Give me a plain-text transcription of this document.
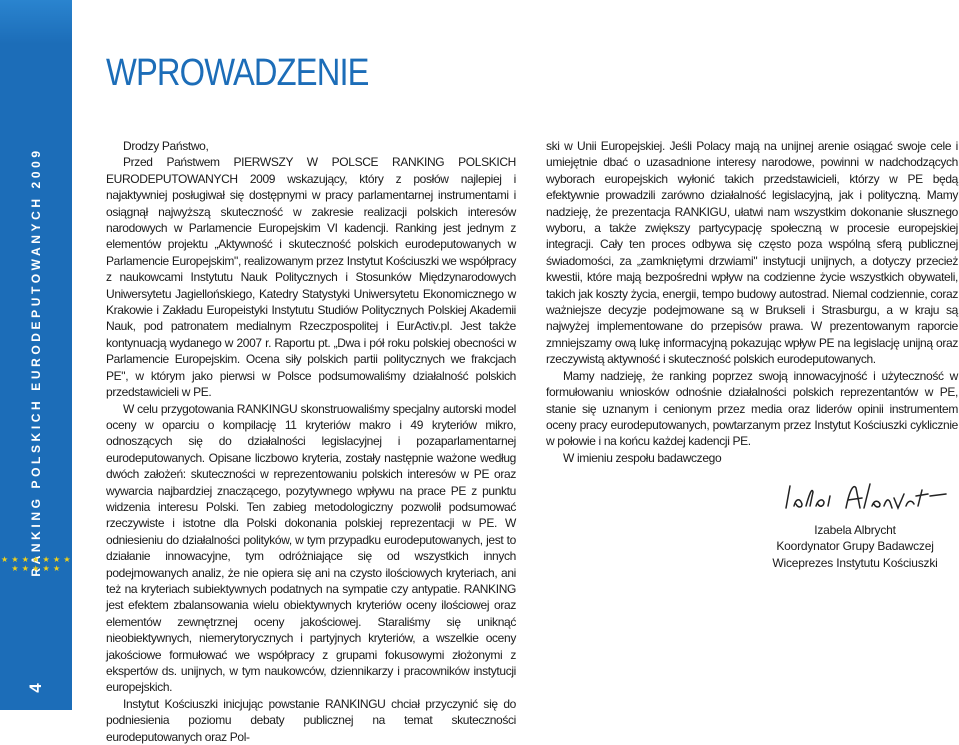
RANKING POLSKICH EURODEPUTOWANYCH 2009
★ ★ ★ ★ ★ ★ ★ ★ ★ ★ ★ ★
4
WPROWADZENIE

Drodzy Państwo,

Przed Państwem PIERWSZY W POLSCE RANKING POLSKICH EURODEPUTOWANYCH 2009 wskazujący, który z posłów najlepiej i najaktywniej posługiwał się dostępnymi w pracy parlamentarnej instrumentami i osiągnął najwyższą skuteczność w zakresie realizacji polskich interesów narodowych w Parlamencie Europejskim VI kadencji. Ranking jest jednym z elementów projektu „Aktywność i skuteczność polskich eurodeputowanych w Parlamencie Europejskim", realizowanym przez Instytut Kościuszki we współpracy z naukowcami Instytutu Nauk Politycznych i Stosunków Międzynarodowych Uniwersytetu Jagiellońskiego, Katedry Statystyki Uniwersytetu Ekonomicznego w Krakowie i Zakładu Europeistyki Instytutu Studiów Politycznych Polskiej Akademii Nauk, pod patronatem medialnym Rzeczpospolitej i EurActiv.pl. Jest także kontynuacją wydanego w 2007 r. Raportu pt. „Dwa i pół roku polskiej obecności w Parlamencie Europejskim. Ocena siły polskich partii politycznych we frakcjach PE", w którym jako pierwsi w Polsce podsumowaliśmy działalność polskich przedstawicieli w PE.

W celu przygotowania RANKINGU skonstruowaliśmy specjalny autorski model oceny w oparciu o kompilację 11 kryteriów makro i 49 kryteriów mikro, odnoszących się do działalności legislacyjnej i pozaparlamentarnej eurodeputowanych. Opisane liczbowo kryteria, zostały następnie ważone według dwóch założeń: skuteczności w reprezentowaniu polskich interesów w PE oraz wywarcia najbardziej znaczącego, pozytywnego wpływu na prace PE z punktu widzenia interesu Polski. Ten zabieg metodologiczny pozwolił podsumować rzeczywiste i istotne dla Polski dokonania polskiej reprezentacji w PE. W odniesieniu do działalności polityków, w tym przypadku eurodeputowanych, jest to działanie innowacyjne, tym odróżniające się od wszystkich innych podejmowanych analiz, że nie opiera się ani na czysto ilościowych kryteriach, ani też na kryteriach subiektywnych podatnych na sympatie czy antypatie. RANKING jest efektem zbalansowania wielu obiektywnych kryteriów oceny ilościowej oraz elementów zewnętrznej oceny jakościowej. Staraliśmy się uniknąć nieobiektywnych, niemerytorycznych i partyjnych kryteriów, a wszelkie oceny jakościowe formułować we współpracy z grupami fokusowymi złożonymi z ekspertów ds. unijnych, w tym naukowców, dziennikarzy i pracowników instytucji europejskich.

Instytut Kościuszki inicjując powstanie RANKINGU chciał przyczynić się do podniesienia poziomu debaty publicznej na temat skuteczności eurodeputowanych oraz Pol-

ski w Unii Europejskiej. Jeśli Polacy mają na unijnej arenie osiągać swoje cele i umiejętnie dbać o uzasadnione interesy narodowe, powinni w nadchodzących wyborach europejskich wyłonić takich przedstawicieli, którzy w PE będą efektywnie prowadzili zarówno działalność legislacyjną, jak i polityczną. Mamy nadzieję, że prezentacja RANKIGU, ułatwi nam wszystkim dokonanie słusznego wyboru, a także zwiększy partycypację społeczną w procesie europejskiej integracji. Cały ten proces odbywa się często poza wspólną sferą publicznej świadomości, za „zamkniętymi drzwiami" instytucji unijnych, a dotyczy przecież kwestii, które mają bezpośredni wpływ na codzienne życie wszystkich obywateli, takich jak koszty życia, energii, tempo budowy autostrad. Niemal codziennie, coraz ważniejsze decyzje podejmowane są w Brukseli i Strasburgu, a w kraju są najwyżej implementowane do przepisów prawa. W prezentowanym raporcie zmniejszamy ową lukę informacyjną pokazując wpływ PE na legislację unijną oraz rzeczywistą aktywność i skuteczność polskich eurodeputowanych.

Mamy nadzieję, że ranking poprzez swoją innowacyjność i użyteczność w formułowaniu wniosków odnośnie działalności polskich reprezentantów w PE, stanie się uznanym i cenionym przez media oraz liderów opinii instrumentem oceny pracy eurodeputowanych, powtarzanym przez Instytut Kościuszki cyklicznie w połowie i na końcu każdej kadencji PE.

W imieniu zespołu badawczego

Izabela Albrycht
Koordynator Grupy Badawczej
Wiceprezes Instytutu Kościuszki
